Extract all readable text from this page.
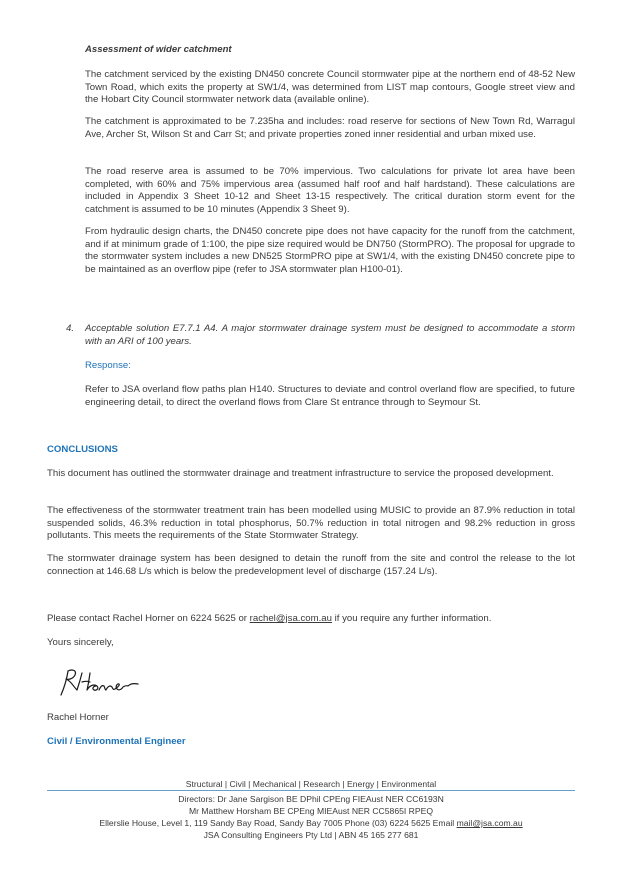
Assessment of wider catchment

The catchment serviced by the existing DN450 concrete Council stormwater pipe at the northern end of 48-52 New Town Road, which exits the property at SW1/4, was determined from LIST map contours, Google street view and the Hobart City Council stormwater network data (available online).

The catchment is approximated to be 7.235ha and includes: road reserve for sections of New Town Rd, Warragul Ave, Archer St, Wilson St and Carr St; and private properties zoned inner residential and urban mixed use.

The road reserve area is assumed to be 70% impervious. Two calculations for private lot area have been completed, with 60% and 75% impervious area (assumed half roof and half hardstand). These calculations are included in Appendix 3 Sheet 10-12 and Sheet 13-15 respectively. The critical duration storm event for the catchment is assumed to be 10 minutes (Appendix 3 Sheet 9).

From hydraulic design charts, the DN450 concrete pipe does not have capacity for the runoff from the catchment, and if at minimum grade of 1:100, the pipe size required would be DN750 (StormPRO). The proposal for upgrade to the stormwater system includes a new DN525 StormPRO pipe at SW1/4, with the existing DN450 concrete pipe to be maintained as an overflow pipe (refer to JSA stormwater plan H100-01).

4. Acceptable solution E7.7.1 A4. A major stormwater drainage system must be designed to accommodate a storm with an ARI of 100 years.

Response:

Refer to JSA overland flow paths plan H140. Structures to deviate and control overland flow are specified, to future engineering detail, to direct the overland flows from Clare St entrance through to Seymour St.

CONCLUSIONS

This document has outlined the stormwater drainage and treatment infrastructure to service the proposed development.

The effectiveness of the stormwater treatment train has been modelled using MUSIC to provide an 87.9% reduction in total suspended solids, 46.3% reduction in total phosphorus, 50.7% reduction in total nitrogen and 98.2% reduction in gross pollutants. This meets the requirements of the State Stormwater Strategy.

The stormwater drainage system has been designed to detain the runoff from the site and control the release to the lot connection at 146.68 L/s which is below the predevelopment level of discharge (157.24 L/s).

Please contact Rachel Horner on 6224 5625 or rachel@jsa.com.au if you require any further information.

Yours sincerely,

Rachel Horner

Civil / Environmental Engineer

Structural | Civil | Mechanical | Research | Energy | Environmental

Directors: Dr Jane Sargison BE DPhil CPEng FIEAust NER CC6193N

Mr Matthew Horsham BE CPEng MIEAust NER CC5865I RPEQ

Ellerslie House, Level 1, 119 Sandy Bay Road, Sandy Bay 7005 Phone (03) 6224 5625 Email mail@jsa.com.au

JSA Consulting Engineers Pty Ltd | ABN 45 165 277 681
